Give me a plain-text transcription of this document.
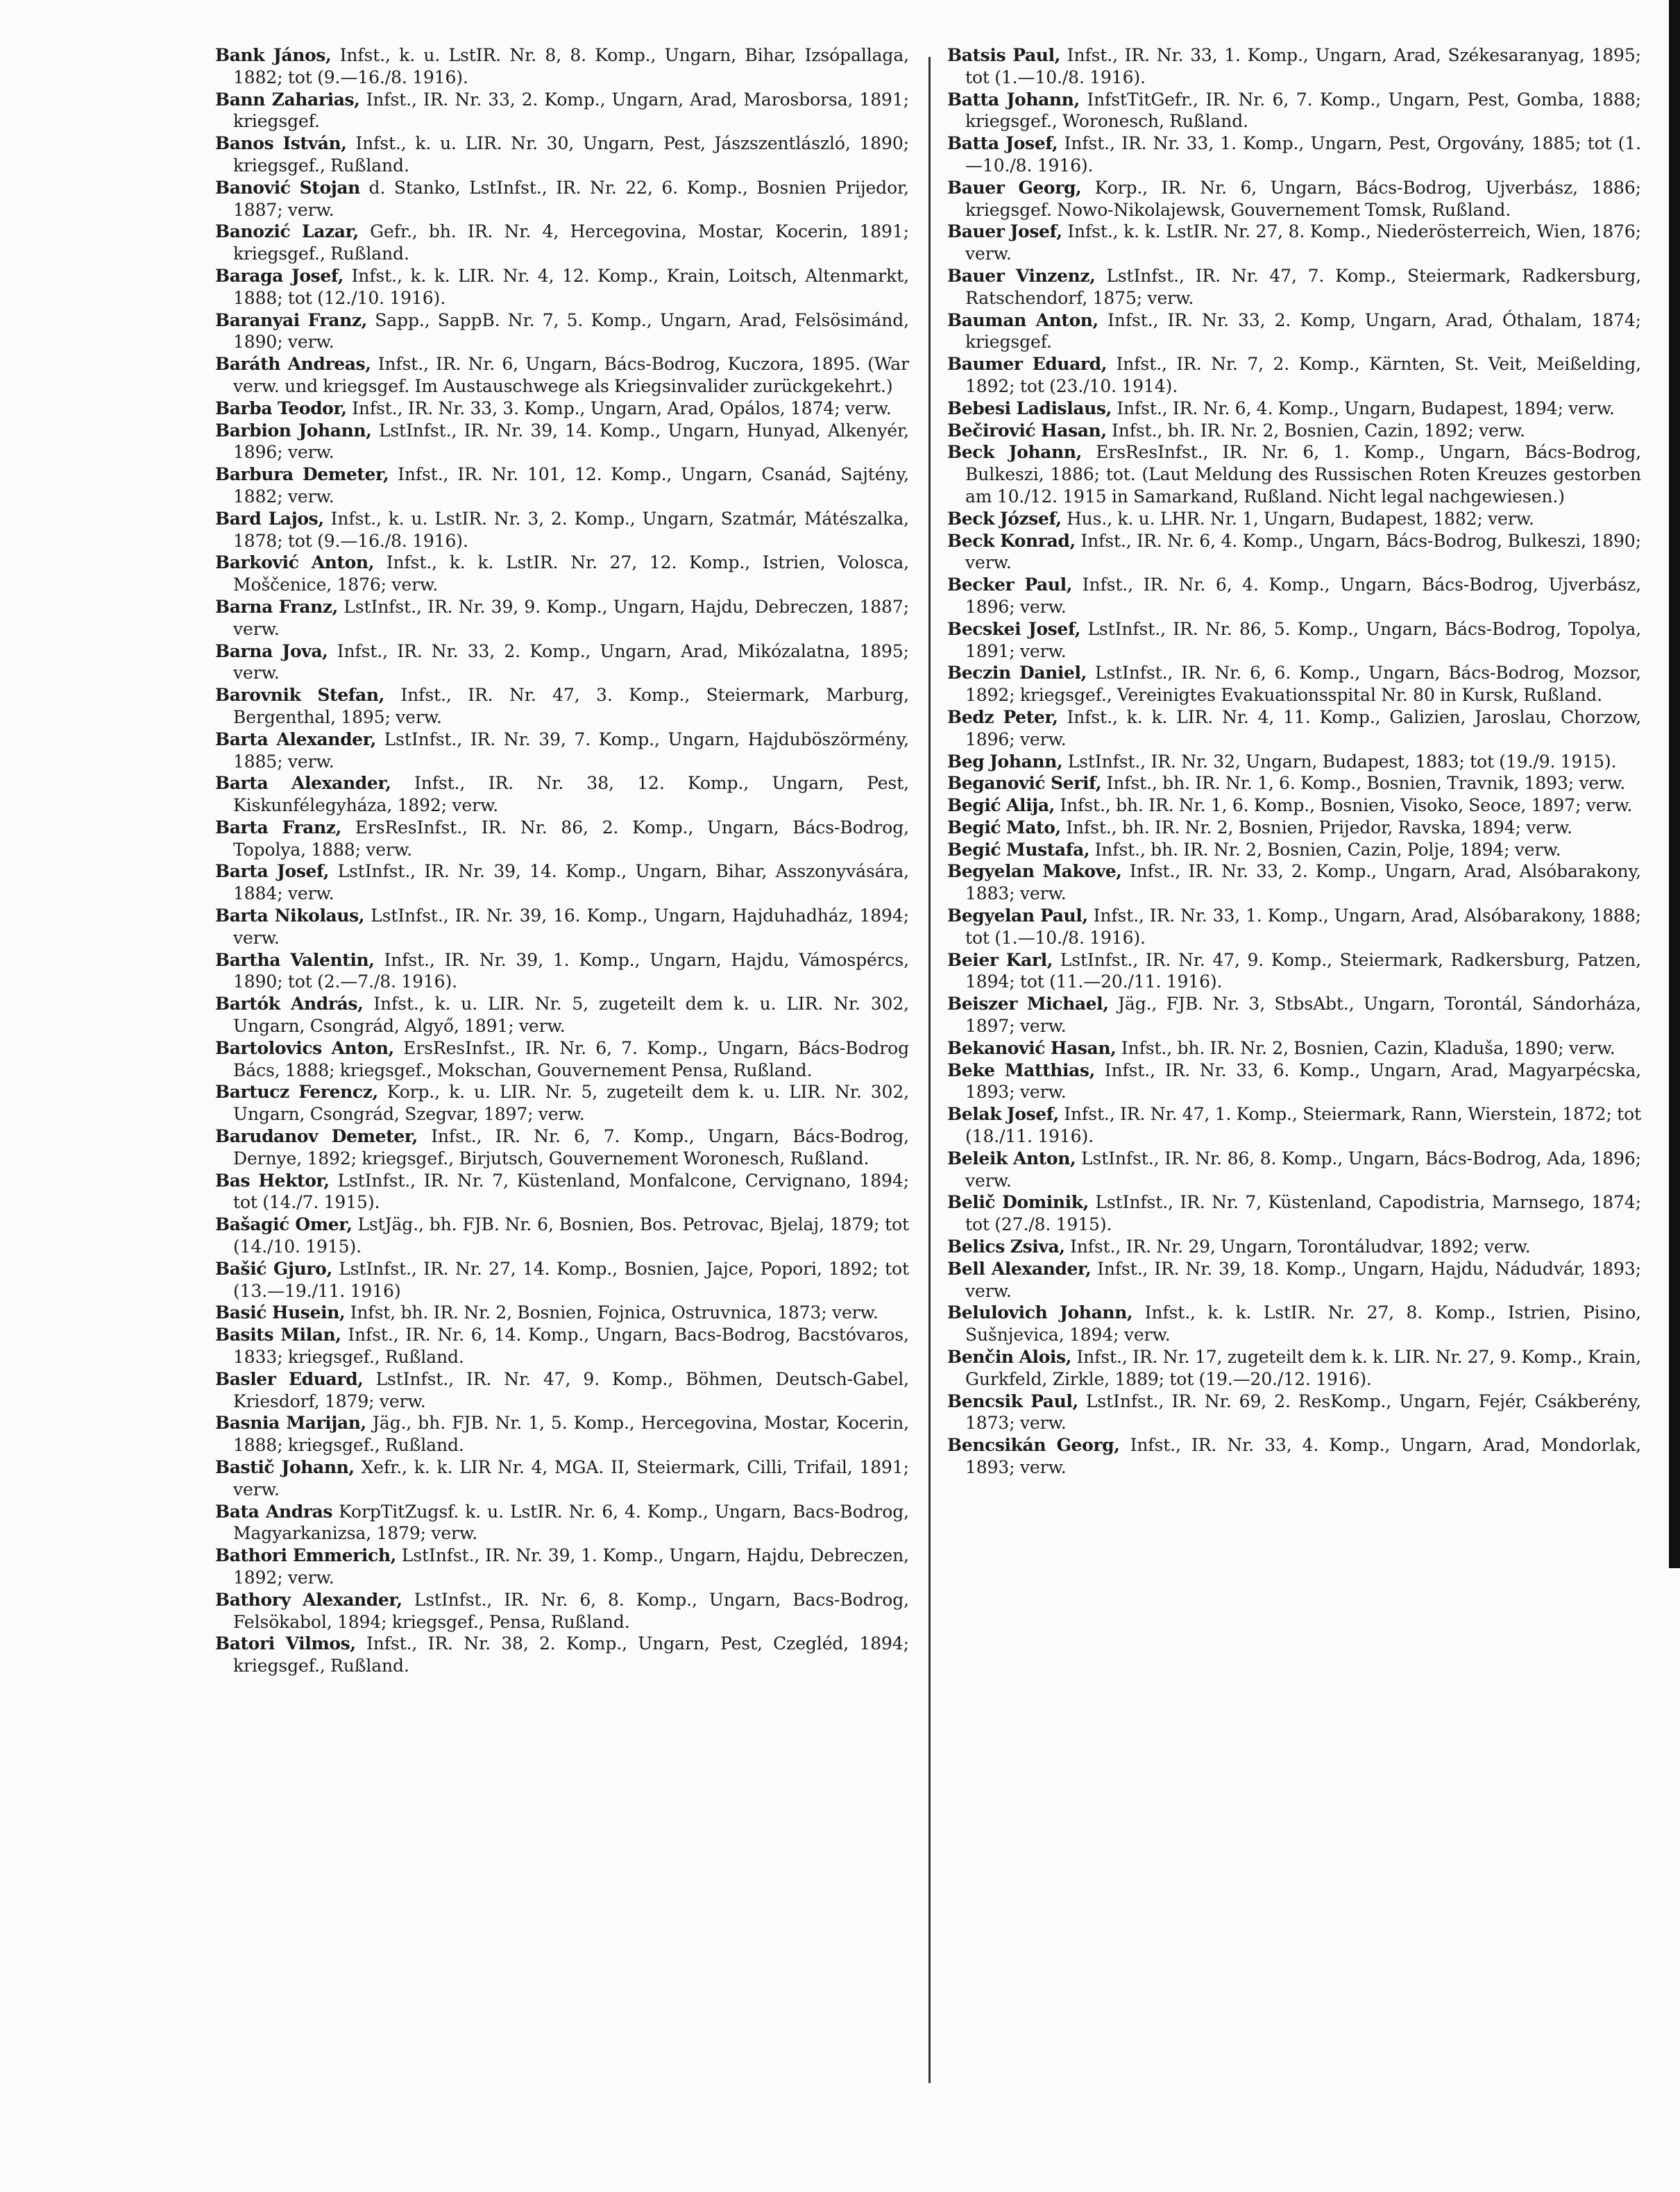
Bank János, Infst., k. u. LstIR. Nr. 8, 8. Komp., Ungarn, Bihar, Izsópallaga, 1882; tot (9.—16./8. 1916).

Bann Zaharias, Infst., IR. Nr. 33, 2. Komp., Ungarn, Arad, Marosborsa, 1891; kriegsgef.

Banos István, Infst., k. u. LIR. Nr. 30, Ungarn, Pest, Jászszentlászló, 1890; kriegsgef., Rußland.

Banović Stojan d. Stanko, LstInfst., IR. Nr. 22, 6. Komp., Bosnien Prijedor, 1887; verw.

Banozić Lazar, Gefr., bh. IR. Nr. 4, Hercegovina, Mostar, Kocerin, 1891; kriegsgef., Rußland.

Baraga Josef, Infst., k. k. LIR. Nr. 4, 12. Komp., Krain, Loitsch, Altenmarkt, 1888; tot (12./10. 1916).

Baranyai Franz, Sapp., SappB. Nr. 7, 5. Komp., Ungarn, Arad, Felsösimánd, 1890; verw.

Baráth Andreas, Infst., IR. Nr. 6, Ungarn, Bács-Bodrog, Kuczora, 1895. (War verw. und kriegsgef. Im Austauschwege als Kriegsinvalider zurückgekehrt.)

Barba Teodor, Infst., IR. Nr. 33, 3. Komp., Ungarn, Arad, Opálos, 1874; verw.

Barbion Johann, LstInfst., IR. Nr. 39, 14. Komp., Ungarn, Hunyad, Alkenyér, 1896; verw.

Barbura Demeter, Infst., IR. Nr. 101, 12. Komp., Ungarn, Csanád, Sajtény, 1882; verw.

Bard Lajos, Infst., k. u. LstIR. Nr. 3, 2. Komp., Ungarn, Szatmár, Mátészalka, 1878; tot (9.—16./8. 1916).

Barković Anton, Infst., k. k. LstIR. Nr. 27, 12. Komp., Istrien, Volosca, Moščenice, 1876; verw.

Barna Franz, LstInfst., IR. Nr. 39, 9. Komp., Ungarn, Hajdu, Debreczen, 1887; verw.

Barna Jova, Infst., IR. Nr. 33, 2. Komp., Ungarn, Arad, Mikózalatna, 1895; verw.

Barovnik Stefan, Infst., IR. Nr. 47, 3. Komp., Steiermark, Marburg, Bergenthal, 1895; verw.

Barta Alexander, LstInfst., IR. Nr. 39, 7. Komp., Ungarn, Hajduböszörmény, 1885; verw.

Barta Alexander, Infst., IR. Nr. 38, 12. Komp., Ungarn, Pest, Kiskunfélegyháza, 1892; verw.

Barta Franz, ErsResInfst., IR. Nr. 86, 2. Komp., Ungarn, Bács-Bodrog, Topolya, 1888; verw.

Barta Josef, LstInfst., IR. Nr. 39, 14. Komp., Ungarn, Bihar, Asszonyvására, 1884; verw.

Barta Nikolaus, LstInfst., IR. Nr. 39, 16. Komp., Ungarn, Hajduhadház, 1894; verw.

Bartha Valentin, Infst., IR. Nr. 39, 1. Komp., Ungarn, Hajdu, Vámospércs, 1890; tot (2.—7./8. 1916).

Bartók András, Infst., k. u. LIR. Nr. 5, zugeteilt dem k. u. LIR. Nr. 302, Ungarn, Csongrád, Algyő, 1891; verw.

Bartolovics Anton, ErsResInfst., IR. Nr. 6, 7. Komp., Ungarn, Bács-Bodrog Bács, 1888; kriegsgef., Mokschan, Gouvernement Pensa, Rußland.

Bartucz Ferencz, Korp., k. u. LIR. Nr. 5, zugeteilt dem k. u. LIR. Nr. 302, Ungarn, Csongrád, Szegvar, 1897; verw.

Barudanov Demeter, Infst., IR. Nr. 6, 7. Komp., Ungarn, Bács-Bodrog, Dernye, 1892; kriegsgef., Birjutsch, Gouvernement Woronesch, Rußland.

Bas Hektor, LstInfst., IR. Nr. 7, Küstenland, Monfalcone, Cervignano, 1894; tot (14./7. 1915).

Bašagić Omer, LstJäg., bh. FJB. Nr. 6, Bosnien, Bos. Petrovac, Bjelaj, 1879; tot (14./10. 1915).

Bašić Gjuro, LstInfst., IR. Nr. 27, 14. Komp., Bosnien, Jajce, Popori, 1892; tot (13.—19./11. 1916)

Basić Husein, Infst, bh. IR. Nr. 2, Bosnien, Fojnica, Ostruvnica, 1873; verw.

Basits Milan, Infst., IR. Nr. 6, 14. Komp., Ungarn, Bacs-Bodrog, Bacstóvaros, 1833; kriegsgef., Rußland.

Basler Eduard, LstInfst., IR. Nr. 47, 9. Komp., Böhmen, Deutsch-Gabel, Kriesdorf, 1879; verw.

Basnia Marijan, Jäg., bh. FJB. Nr. 1, 5. Komp., Hercegovina, Mostar, Kocerin, 1888; kriegsgef., Rußland.

Bastič Johann, Xefr., k. k. LIR Nr. 4, MGA. II, Steiermark, Cilli, Trifail, 1891; verw.

Bata Andras KorpTitZugsf. k. u. LstIR. Nr. 6, 4. Komp., Ungarn, Bacs-Bodrog, Magyarkanizsa, 1879; verw.

Bathori Emmerich, LstInfst., IR. Nr. 39, 1. Komp., Ungarn, Hajdu, Debreczen, 1892; verw.

Bathory Alexander, LstInfst., IR. Nr. 6, 8. Komp., Ungarn, Bacs-Bodrog, Felsökabol, 1894; kriegsgef., Pensa, Rußland.

Batori Vilmos, Infst., IR. Nr. 38, 2. Komp., Ungarn, Pest, Czegléd, 1894; kriegsgef., Rußland.

Batsis Paul, Infst., IR. Nr. 33, 1. Komp., Ungarn, Arad, Székesaranyag, 1895; tot (1.—10./8. 1916).

Batta Johann, InfstTitGefr., IR. Nr. 6, 7. Komp., Ungarn, Pest, Gomba, 1888; kriegsgef., Woronesch, Rußland.

Batta Josef, Infst., IR. Nr. 33, 1. Komp., Ungarn, Pest, Orgovány, 1885; tot (1.—10./8. 1916).

Bauer Georg, Korp., IR. Nr. 6, Ungarn, Bács-Bodrog, Ujverbász, 1886; kriegsgef. Nowo-Nikolajewsk, Gouvernement Tomsk, Rußland.

Bauer Josef, Infst., k. k. LstIR. Nr. 27, 8. Komp., Niederösterreich, Wien, 1876; verw.

Bauer Vinzenz, LstInfst., IR. Nr. 47, 7. Komp., Steiermark, Radkersburg, Ratschendorf, 1875; verw.

Bauman Anton, Infst., IR. Nr. 33, 2. Komp, Ungarn, Arad, Óthalam, 1874; kriegsgef.

Baumer Eduard, Infst., IR. Nr. 7, 2. Komp., Kärnten, St. Veit, Meißelding, 1892; tot (23./10. 1914).

Bebesi Ladislaus, Infst., IR. Nr. 6, 4. Komp., Ungarn, Budapest, 1894; verw.

Bečirović Hasan, Infst., bh. IR. Nr. 2, Bosnien, Cazin, 1892; verw.

Beck Johann, ErsResInfst., IR. Nr. 6, 1. Komp., Ungarn, Bács-Bodrog, Bulkeszi, 1886; tot. (Laut Meldung des Russischen Roten Kreuzes gestorben am 10./12. 1915 in Samarkand, Rußland. Nicht legal nachgewiesen.)

Beck József, Hus., k. u. LHR. Nr. 1, Ungarn, Budapest, 1882; verw.

Beck Konrad, Infst., IR. Nr. 6, 4. Komp., Ungarn, Bács-Bodrog, Bulkeszi, 1890; verw.

Becker Paul, Infst., IR. Nr. 6, 4. Komp., Ungarn, Bács-Bodrog, Ujverbász, 1896; verw.

Becskei Josef, LstInfst., IR. Nr. 86, 5. Komp., Ungarn, Bács-Bodrog, Topolya, 1891; verw.

Beczin Daniel, LstInfst., IR. Nr. 6, 6. Komp., Ungarn, Bács-Bodrog, Mozsor, 1892; kriegsgef., Vereinigtes Evakuationsspital Nr. 80 in Kursk, Rußland.

Bedz Peter, Infst., k. k. LIR. Nr. 4, 11. Komp., Galizien, Jaroslau, Chorzow, 1896; verw.

Beg Johann, LstInfst., IR. Nr. 32, Ungarn, Budapest, 1883; tot (19./9. 1915).

Beganović Serif, Infst., bh. IR. Nr. 1, 6. Komp., Bosnien, Travnik, 1893; verw.

Begić Alija, Infst., bh. IR. Nr. 1, 6. Komp., Bosnien, Visoko, Seoce, 1897; verw.

Begić Mato, Infst., bh. IR. Nr. 2, Bosnien, Prijedor, Ravska, 1894; verw.

Begić Mustafa, Infst., bh. IR. Nr. 2, Bosnien, Cazin, Polje, 1894; verw.

Begyelan Makove, Infst., IR. Nr. 33, 2. Komp., Ungarn, Arad, Alsóbarakony, 1883; verw.

Begyelan Paul, Infst., IR. Nr. 33, 1. Komp., Ungarn, Arad, Alsóbarakony, 1888; tot (1.—10./8. 1916).

Beier Karl, LstInfst., IR. Nr. 47, 9. Komp., Steiermark, Radkersburg, Patzen, 1894; tot (11.—20./11. 1916).

Beiszer Michael, Jäg., FJB. Nr. 3, StbsAbt., Ungarn, Torontál, Sándorháza, 1897; verw.

Bekanović Hasan, Infst., bh. IR. Nr. 2, Bosnien, Cazin, Kladuša, 1890; verw.

Beke Matthias, Infst., IR. Nr. 33, 6. Komp., Ungarn, Arad, Magyarpécska, 1893; verw.

Belak Josef, Infst., IR. Nr. 47, 1. Komp., Steiermark, Rann, Wierstein, 1872; tot (18./11. 1916).

Beleik Anton, LstInfst., IR. Nr. 86, 8. Komp., Ungarn, Bács-Bodrog, Ada, 1896; verw.

Belič Dominik, LstInfst., IR. Nr. 7, Küstenland, Capodistria, Marnsego, 1874; tot (27./8. 1915).

Belics Zsiva, Infst., IR. Nr. 29, Ungarn, Torontáludvar, 1892; verw.

Bell Alexander, Infst., IR. Nr. 39, 18. Komp., Ungarn, Hajdu, Nádudvár, 1893; verw.

Belulovich Johann, Infst., k. k. LstIR. Nr. 27, 8. Komp., Istrien, Pisino, Sušnjevica, 1894; verw.

Benčin Alois, Infst., IR. Nr. 17, zugeteilt dem k. k. LIR. Nr. 27, 9. Komp., Krain, Gurkfeld, Zirkle, 1889; tot (19.—20./12. 1916).

Bencsik Paul, LstInfst., IR. Nr. 69, 2. ResKomp., Ungarn, Fejér, Csákberény, 1873; verw.

Bencsikán Georg, Infst., IR. Nr. 33, 4. Komp., Ungarn, Arad, Mondorlak, 1893; verw.
